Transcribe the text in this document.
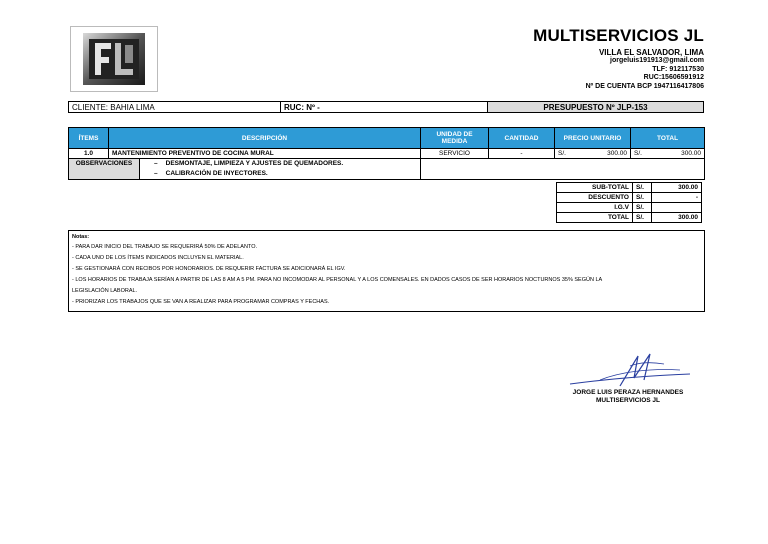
MULTISERVICIOS JL
VILLA EL SALVADOR, LIMA
jorgeluis191913@gmail.com
TLF: 912117530
RUC:15606591912
Nº DE CUENTA BCP 1947116417806
CLIENTE: BAHIA LIMA	RUC: Nº -	PRESUPUESTO Nº JLP-153
ÍTEMS	DESCRIPCIÓN	UNIDAD DE MEDIDA	CANTIDAD	PRECIO UNITARIO		TOTAL	
1.0	MANTENIMIENTO PREVENTIVO DE COCINA MURAL	SERVICIO	-	S/.	300.00	S/.	300.00

OBSERVACIONES – DESMONTAJE, LIMPIEZA Y AJUSTES DE QUEMADORES.
– CALIBRACIÓN DE INYECTORES.							

SUB-TOTAL	S/.	300.00
DESCUENTO	S/.	-
I.G.V	S/.	
TOTAL	S/.	300.00
Notas:
- PARA DAR INICIO DEL TRABAJO SE REQUERIRÁ 50% DE ADELANTO.
- CADA UNO DE LOS ÍTEMS INDICADOS INCLUYEN EL MATERIAL.
- SE GESTIONARÁ CON RECIBOS POR HONORARIOS. DE REQUERIR FACTURA SE ADICIONARÁ EL IGV.
- LOS HORARIOS DE TRABAJA SERÍAN A PARTIR DE LAS 8 AM A 5 PM. PARA NO INCOMODAR AL PERSONAL Y A LOS COMENSALES. EN DADOS CASOS DE SER HORARIOS NOCTURNOS 35% SEGÚN LA
LEGISLACIÓN LABORAL.
- PRIORIZAR LOS TRABAJOS QUE SE VAN A REALIZAR PARA PROGRAMAR COMPRAS Y FECHAS.
JORGE LUIS PERAZA HERNANDES
MULTISERVICIOS JL
